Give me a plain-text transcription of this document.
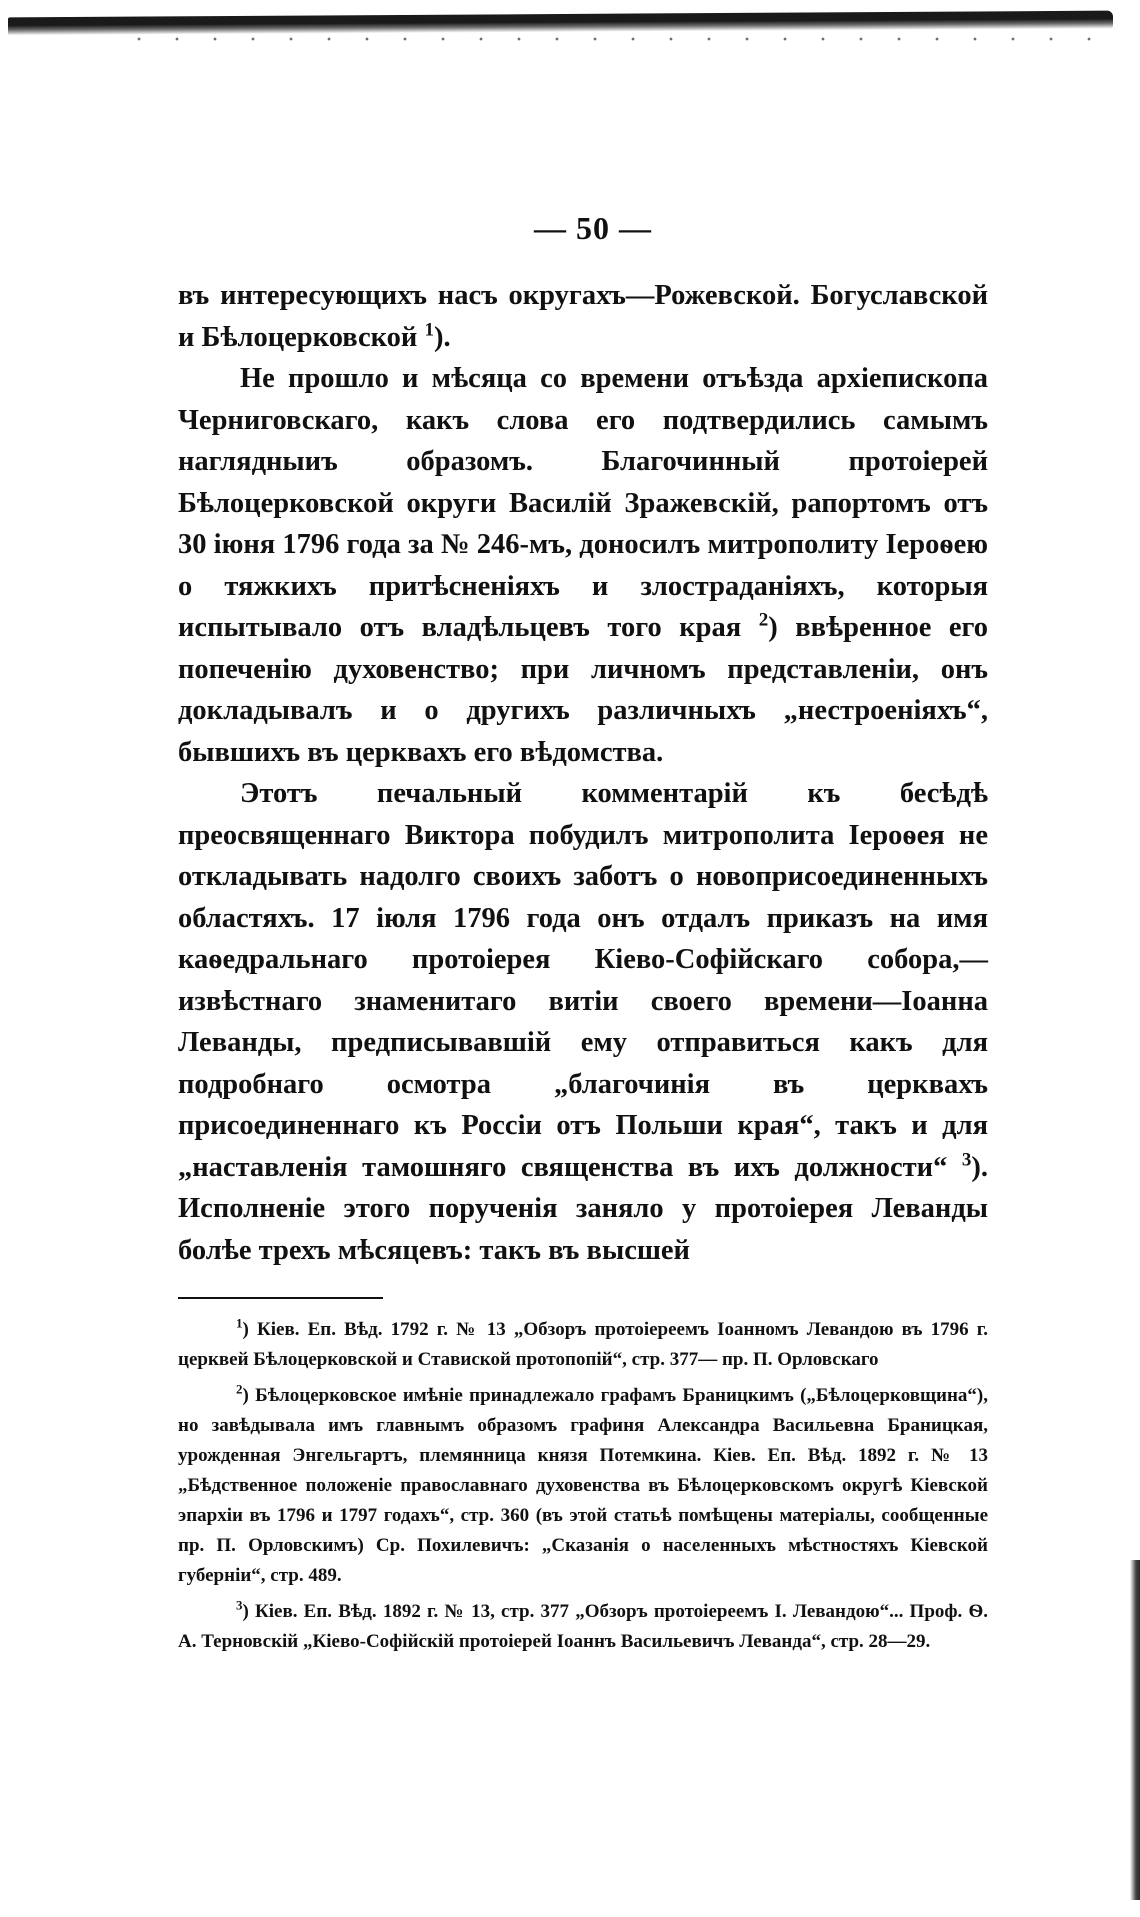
— 50 —

въ интересующихъ насъ округахъ—Рожевской. Богуславской и Бѣлоцерковской $^1$).

Не прошло и мѣсяца со времени отъѣзда архіепископа Черниговскаго, какъ слова его подтвердились самымъ наглядныиъ образомъ. Благочинный протоіерей Бѣлоцерковской округи Василій Зражевскій, рапортомъ отъ 30 іюня 1796 года за № 246-мъ, доносилъ митрополиту Іероѳею о тяжкихъ притѣсненіяхъ и злостраданіяхъ, которыя испытывало отъ владѣльцевъ того края $^2$) ввѣренное его попеченію духовенство; при личномъ представленіи, онъ докладывалъ и о другихъ различныхъ „нестроеніяхъ“, бывшихъ въ церквахъ его вѣдомства.

Этотъ печальный комментарій къ бесѣдѣ преосвященнаго Виктора побудилъ митрополита Іероѳея не откладывать надолго своихъ заботъ о новоприсоединенныхъ областяхъ. 17 іюля 1796 года онъ отдалъ приказъ на имя каѳедральнаго протоіерея Кіево-Софійскаго собора,—извѣстнаго знаменитаго витіи своего времени—Іоанна Леванды, предписывавшій ему отправиться какъ для подробнаго осмотра „благочинія въ церквахъ присоединеннаго къ Россіи отъ Польши края“, такъ и для „наставленія тамошняго священства въ ихъ должности“ $^3$). Исполненіе этого порученія заняло у протоіерея Леванды болѣе трехъ мѣсяцевъ: такъ въ высшей

$^1$) Кіев. Еп. Вѣд. 1792 г. № 13 „Обзоръ протоіереемъ Іоанномъ Левандою въ 1796 г. церквей Бѣлоцерковской и Ставиской протопопій“, стр. 377— пр. П. Орловскаго

$^2$) Бѣлоцерковское имѣніе принадлежало графамъ Браницкимъ („Бѣлоцерковщина“), но завѣдывала имъ главнымъ образомъ графиня Александра Васильевна Браницкая, урожденная Энгельгартъ, племянница князя Потемкина. Кіев. Еп. Вѣд. 1892 г. № 13 „Бѣдственное положеніе православнаго духовенства въ Бѣлоцерковскомъ округѣ Кіевской эпархіи въ 1796 и 1797 годахъ“, стр. 360 (въ этой статьѣ помѣщены матеріалы, сообщенные пр. П. Орловскимъ) Ср. Похилевичъ: „Сказанія о населенныхъ мѣстностяхъ Кіевской губерніи“, стр. 489.

$^3$) Кіев. Еп. Вѣд. 1892 г. № 13, стр. 377 „Обзоръ протоіереемъ І. Левандою“... Проф. Ѳ. А. Терновскій „Кіево-Софійскій протоіерей Іоаннъ Васильевичъ Леванда“, стр. 28—29.
